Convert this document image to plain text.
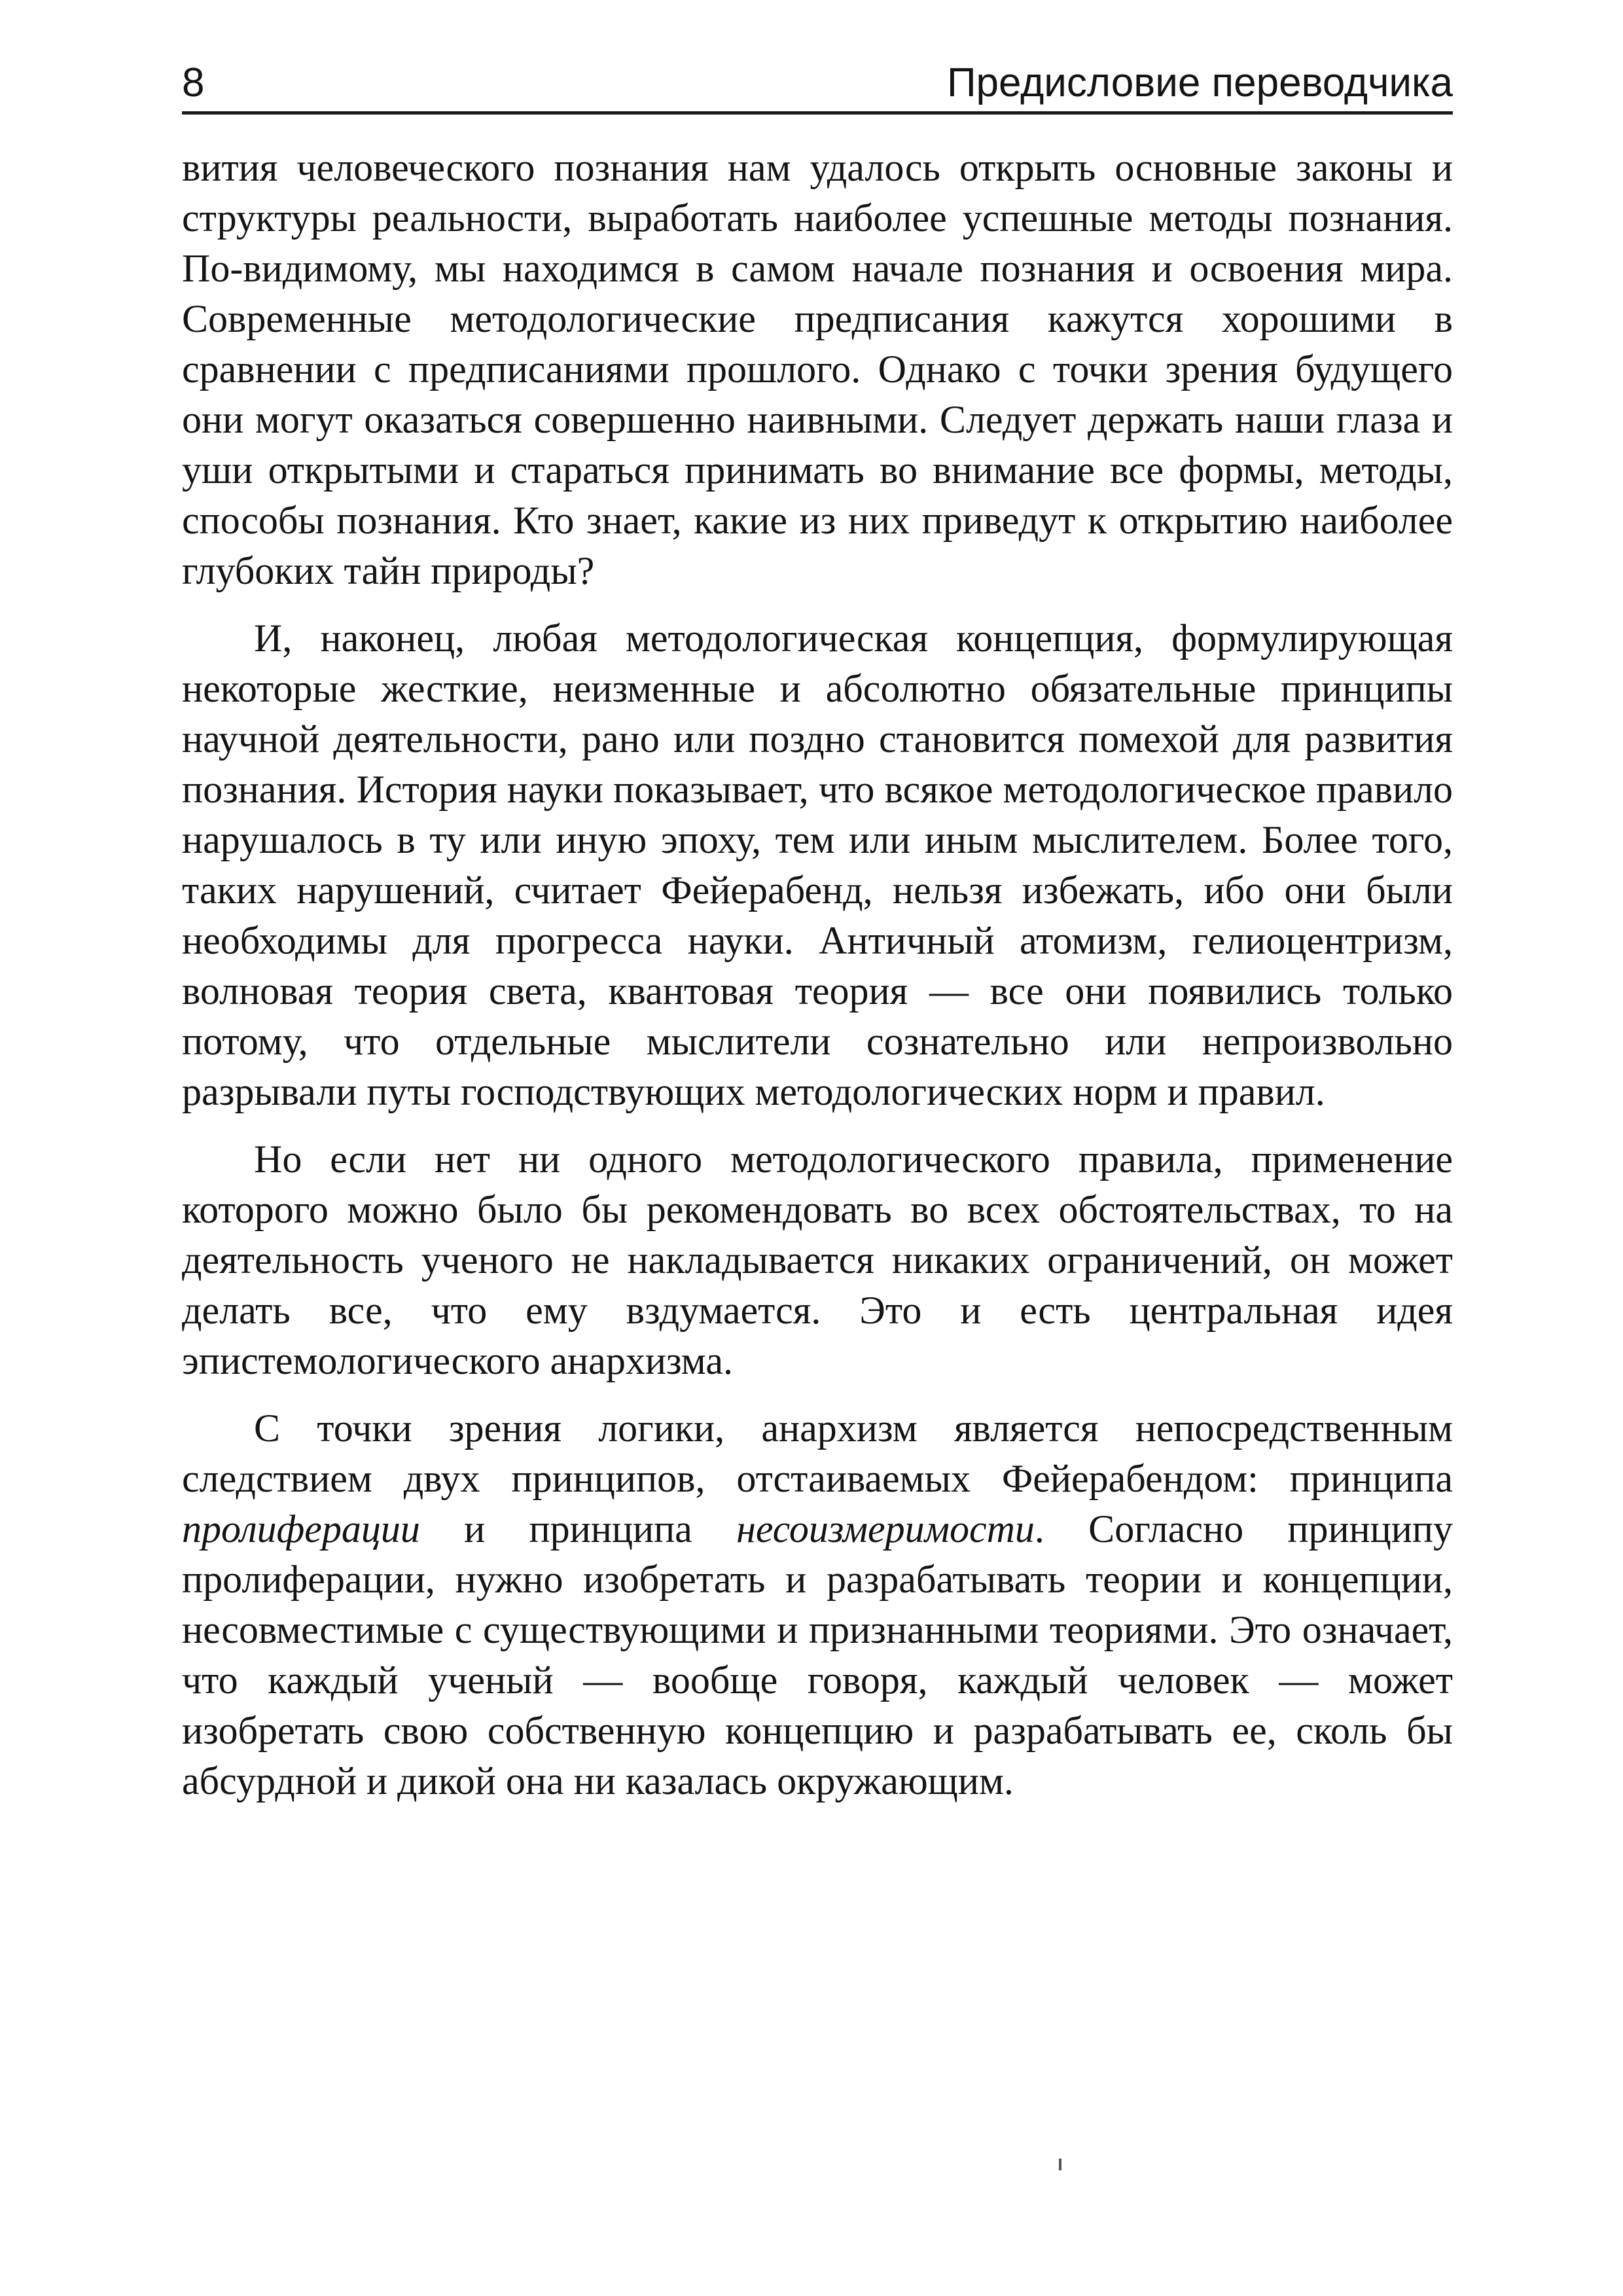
8	Предисловие переводчика

вития человеческого познания нам удалось открыть основные законы и структуры реальности, выработать наиболее успешные методы познания. По-видимому, мы находимся в самом начале познания и освоения мира. Современные методологические предписания кажутся хорошими в сравнении с предписаниями прошлого. Однако с точки зрения будущего они могут оказаться совершенно наивными. Следует держать наши глаза и уши открытыми и стараться принимать во внимание все формы, методы, способы познания. Кто знает, какие из них приведут к открытию наиболее глубоких тайн природы?

И, наконец, любая методологическая концепция, формулирующая некоторые жесткие, неизменные и абсолютно обязательные принципы научной деятельности, рано или поздно становится помехой для развития познания. История науки показывает, что всякое методологическое правило нарушалось в ту или иную эпоху, тем или иным мыслителем. Более того, таких нарушений, считает Фейерабенд, нельзя избежать, ибо они были необходимы для прогресса науки. Античный атомизм, гелиоцентризм, волновая теория света, квантовая теория — все они появились только потому, что отдельные мыслители сознательно или непроизвольно разрывали путы господствующих методологических норм и правил.

Но если нет ни одного методологического правила, применение которого можно было бы рекомендовать во всех обстоятельствах, то на деятельность ученого не накладывается никаких ограничений, он может делать все, что ему вздумается. Это и есть центральная идея эпистемологического анархизма.

С точки зрения логики, анархизм является непосредственным следствием двух принципов, отстаиваемых Фейерабендом: принципа пролиферации и принципа несоизмеримости. Согласно принципу пролиферации, нужно изобретать и разрабатывать теории и концепции, несовместимые с существующими и признанными теориями. Это означает, что каждый ученый — вообще говоря, каждый человек — может изобретать свою собственную концепцию и разрабатывать ее, сколь бы абсурдной и дикой она ни казалась окружающим.
